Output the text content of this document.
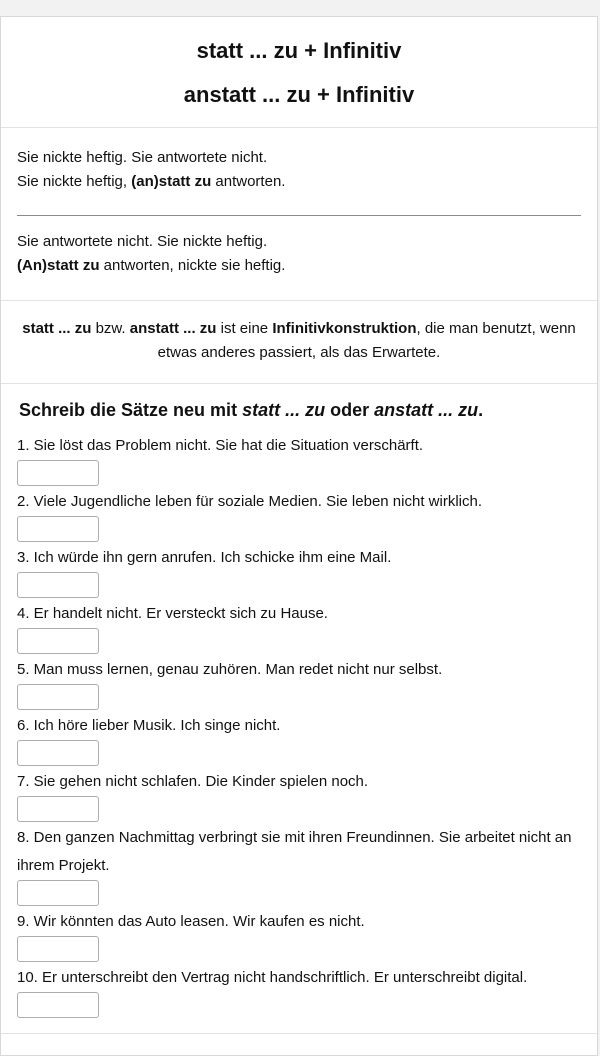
statt ... zu + Infinitiv
anstatt ... zu + Infinitiv
Sie nickte heftig. Sie antwortete nicht.
Sie nickte heftig, (an)statt zu antworten.
Sie antwortete nicht. Sie nickte heftig.
(An)statt zu antworten, nickte sie heftig.
statt ... zu bzw. anstatt ... zu ist eine Infinitivkonstruktion, die man benutzt, wenn etwas anderes passiert, als das Erwartete.
Schreib die Sätze neu mit statt ... zu oder anstatt ... zu.
1. Sie löst das Problem nicht. Sie hat die Situation verschärft.
2. Viele Jugendliche leben für soziale Medien. Sie leben nicht wirklich.
3. Ich würde ihn gern anrufen. Ich schicke ihm eine Mail.
4. Er handelt nicht. Er versteckt sich zu Hause.
5. Man muss lernen, genau zuhören. Man redet nicht nur selbst.
6. Ich höre lieber Musik. Ich singe nicht.
7. Sie gehen nicht schlafen. Die Kinder spielen noch.
8. Den ganzen Nachmittag verbringt sie mit ihren Freundinnen. Sie arbeitet nicht an ihrem Projekt.
9. Wir könnten das Auto leasen. Wir kaufen es nicht.
10. Er unterschreibt den Vertrag nicht handschriftlich. Er unterschreibt digital.
